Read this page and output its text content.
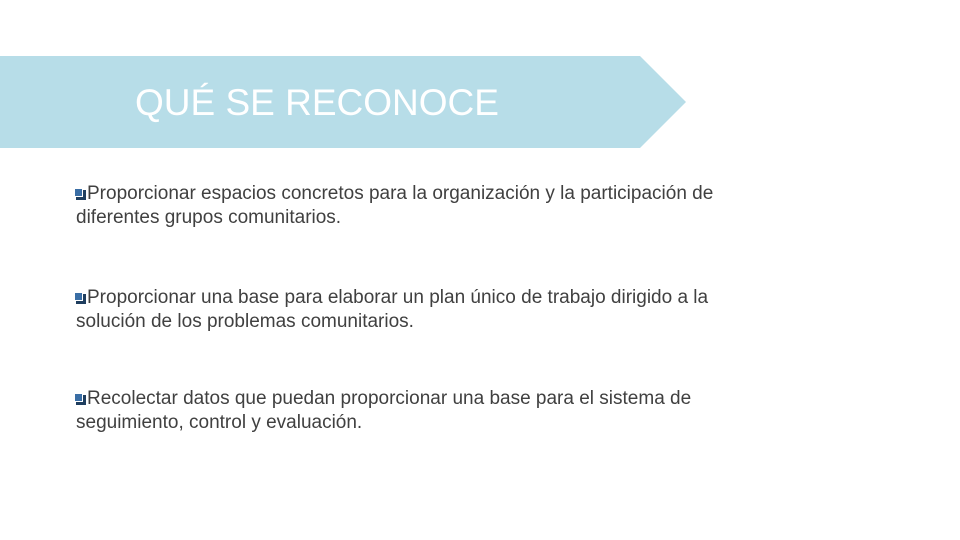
QUÉ SE RECONOCE
Proporcionar espacios concretos para la organización y la participación de
diferentes grupos comunitarios.
Proporcionar una base para elaborar un plan único de trabajo dirigido a la
solución de los problemas comunitarios.
Recolectar datos que puedan proporcionar una base para el sistema de
seguimiento, control y evaluación.
